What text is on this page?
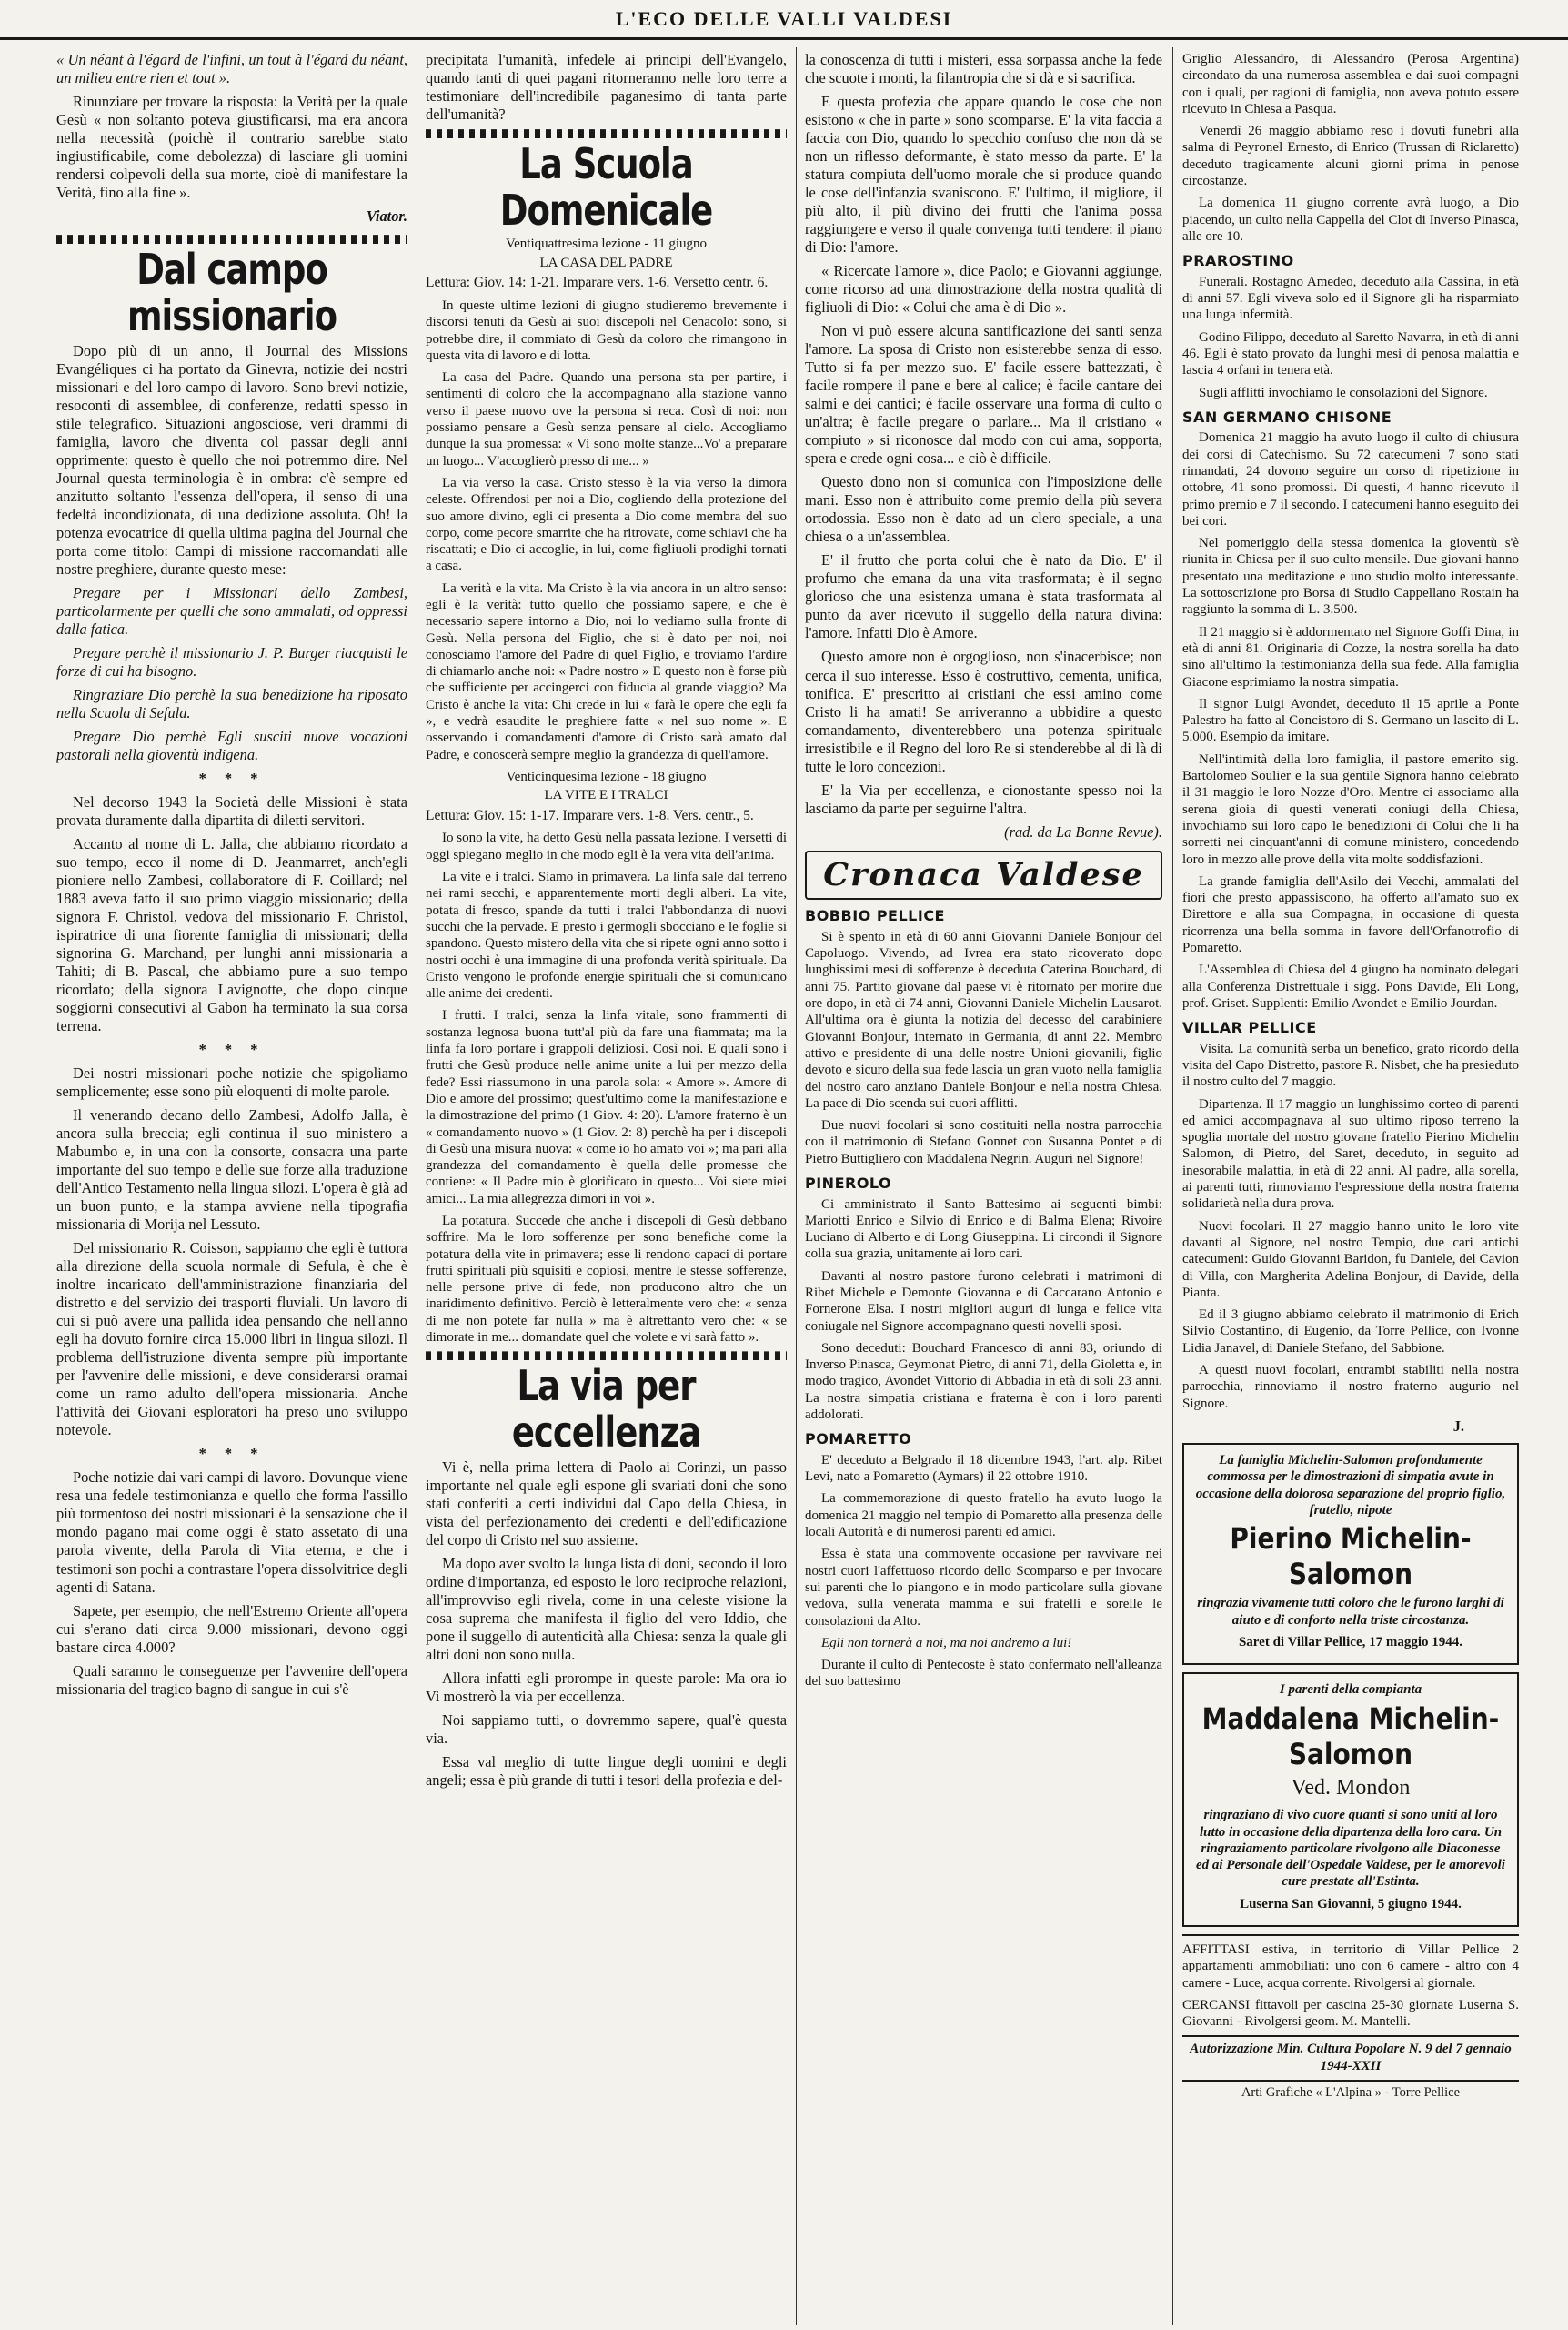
L'ECO DELLE VALLI VALDESI

« Un néant à l'égard de l'infini, un tout à l'égard du néant, un milieu entre rien et tout ».

Rinunziare per trovare la risposta: la Verità per la quale Gesù « non soltanto poteva giustificarsi, ma era ancora nella necessità (poichè il contrario sarebbe stato ingiustificabile, come debolezza) di lasciare gli uomini rendersi colpevoli della sua morte, cioè di manifestare la Verità, fino alla fine ».

Viator.

Dal campo missionario

Dopo più di un anno, il Journal des Missions Evangéliques ci ha portato da Ginevra, notizie dei nostri missionari e del loro campo di lavoro. Sono brevi notizie, resoconti di assemblee, di conferenze, redatti spesso in stile telegrafico. Situazioni angosciose, veri drammi di famiglia, lavoro che diventa col passar degli anni opprimente: questo è quello che noi potremmo dire. Nel Journal questa terminologia è in ombra: c'è sempre ed anzitutto soltanto l'essenza dell'opera, il senso di una fedeltà incondizionata, di una dedizione assoluta. Oh! la potenza evocatrice di quella ultima pagina del Journal che porta come titolo: Campi di missione raccomandati alle nostre preghiere, durante questo mese:

Pregare per i Missionari dello Zambesi, particolarmente per quelli che sono ammalati, od oppressi dalla fatica.

Pregare perchè il missionario J. P. Burger riacquisti le forze di cui ha bisogno.

Ringraziare Dio perchè la sua benedizione ha riposato nella Scuola di Sefula.

Pregare Dio perchè Egli susciti nuove vocazioni pastorali nella gioventù indigena.

* * *

Nel decorso 1943 la Società delle Missioni è stata provata duramente dalla dipartita di diletti servitori.

Accanto al nome di L. Jalla, che abbiamo ricordato a suo tempo, ecco il nome di D. Jeanmarret, anch'egli pioniere nello Zambesi, collaboratore di F. Coillard; nel 1883 aveva fatto il suo primo viaggio missionario; della signora F. Christol, vedova del missionario F. Christol, ispiratrice di una fiorente famiglia di missionari; della signorina G. Marchand, per lunghi anni missionaria a Tahiti; di B. Pascal, che abbiamo pure a suo tempo ricordato; della signora Lavignotte, che dopo cinque soggiorni consecutivi al Gabon ha terminato la sua corsa terrena.

* * *

Dei nostri missionari poche notizie che spigoliamo semplicemente; esse sono più eloquenti di molte parole.

Il venerando decano dello Zambesi, Adolfo Jalla, è ancora sulla breccia; egli continua il suo ministero a Mabumbo e, in una con la consorte, consacra una parte importante del suo tempo e delle sue forze alla traduzione dell'Antico Testamento nella lingua silozi. L'opera è già ad un buon punto, e la stampa avviene nella tipografia missionaria di Morija nel Lessuto.

Del missionario R. Coisson, sappiamo che egli è tuttora alla direzione della scuola normale di Sefula, è che è inoltre incaricato dell'amministrazione finanziaria del distretto e del servizio dei trasporti fluviali. Un lavoro di cui si può avere una pallida idea pensando che nell'anno egli ha dovuto fornire circa 15.000 libri in lingua silozi. Il problema dell'istruzione diventa sempre più importante per l'avvenire delle missioni, e deve considerarsi oramai come un ramo adulto dell'opera missionaria. Anche l'attività dei Giovani esploratori ha preso uno sviluppo notevole.

* * *

Poche notizie dai vari campi di lavoro. Dovunque viene resa una fedele testimonianza e quello che forma l'assillo più tormentoso dei nostri missionari è la sensazione che il mondo pagano mai come oggi è stato assetato di una parola vivente, della Parola di Vita eterna, e che i testimoni son pochi a contrastare l'opera dissolvitrice degli agenti di Satana.

Sapete, per esempio, che nell'Estremo Oriente all'opera cui s'erano dati circa 9.000 missionari, devono oggi bastare circa 4.000?

Quali saranno le conseguenze per l'avvenire dell'opera missionaria del tragico bagno di sangue in cui s'è

precipitata l'umanità, infedele ai principi dell'Evangelo, quando tanti di quei pagani ritorneranno nelle loro terre a testimoniare dell'incredibile paganesimo di tanta parte dell'umanità?

La Scuola Domenicale

Ventiquattresima lezione - 11 giugno

LA CASA DEL PADRE

Lettura: Giov. 14: 1-21. Imparare vers. 1-6. Versetto centr. 6.

In queste ultime lezioni di giugno studieremo brevemente i discorsi tenuti da Gesù ai suoi discepoli nel Cenacolo: sono, si potrebbe dire, il commiato di Gesù da coloro che rimangono in questa vita di lavoro e di lotta.

La casa del Padre. Quando una persona sta per partire, i sentimenti di coloro che la accompagnano alla stazione vanno verso il paese nuovo ove la persona si reca. Così di noi: non possiamo pensare a Gesù senza pensare al cielo. Accogliamo dunque la sua promessa: « Vi sono molte stanze...Vo' a preparare un luogo... V'accoglierò presso di me... »

La via verso la casa. Cristo stesso è la via verso la dimora celeste. Offrendosi per noi a Dio, cogliendo della protezione del suo amore divino, egli ci presenta a Dio come membra del suo corpo, come pecore smarrite che ha ritrovate, come schiavi che ha riscattati; e Dio ci accoglie, in lui, come figliuoli prodighi tornati a casa.

La verità e la vita. Ma Cristo è la via ancora in un altro senso: egli è la verità: tutto quello che possiamo sapere, e che è necessario sapere intorno a Dio, noi lo vediamo sulla fronte di Gesù. Nella persona del Figlio, che si è dato per noi, noi conosciamo l'amore del Padre di quel Figlio, e troviamo l'ardire di chiamarlo anche noi: « Padre nostro » E questo non è forse più che sufficiente per accingerci con fiducia al grande viaggio? Ma Cristo è anche la vita: Chi crede in lui « farà le opere che egli fa », e vedrà esaudite le preghiere fatte « nel suo nome ». E osservando i comandamenti d'amore di Cristo sarà amato dal Padre, e conoscerà sempre meglio la grandezza di quell'amore.

Venticinquesima lezione - 18 giugno

LA VITE E I TRALCI

Lettura: Giov. 15: 1-17. Imparare vers. 1-8. Vers. centr., 5.

Io sono la vite, ha detto Gesù nella passata lezione. I versetti di oggi spiegano meglio in che modo egli è la vera vita dell'anima.

La vite e i tralci. Siamo in primavera. La linfa sale dal terreno nei rami secchi, e apparentemente morti degli alberi. La vite, potata di fresco, spande da tutti i tralci l'abbondanza di nuovi succhi che la pervade. E presto i germogli sbocciano e le foglie si spandono. Questo mistero della vita che si ripete ogni anno sotto i nostri occhi è una immagine di una profonda verità spirituale. Da Cristo vengono le profonde energie spirituali che si comunicano alle anime dei credenti.

I frutti. I tralci, senza la linfa vitale, sono frammenti di sostanza legnosa buona tutt'al più da fare una fiammata; ma la linfa fa loro portare i grappoli deliziosi. Così noi. E quali sono i frutti che Gesù produce nelle anime unite a lui per mezzo della fede? Essi riassumono in una parola sola: « Amore ». Amore di Dio e amore del prossimo; quest'ultimo come la manifestazione e la dimostrazione del primo (1 Giov. 4: 20). L'amore fraterno è un « comandamento nuovo » (1 Giov. 2: 8) perchè ha per i discepoli di Gesù una misura nuova: « come io ho amato voi »; ma pari alla grandezza del comandamento è quella delle promesse che contiene: « Il Padre mio è glorificato in questo... Voi siete miei amici... La mia allegrezza dimori in voi ».

La potatura. Succede che anche i discepoli di Gesù debbano soffrire. Ma le loro sofferenze per sono benefiche come la potatura della vite in primavera; esse li rendono capaci di portare frutti spirituali più squisiti e copiosi, mentre le stesse sofferenze, nelle persone prive di fede, non producono altro che un inaridimento definitivo. Perciò è letteralmente vero che: « senza di me non potete far nulla » ma è altrettanto vero che: « se dimorate in me... domandate quel che volete e vi sarà fatto ».

La via per eccellenza

Vi è, nella prima lettera di Paolo ai Corinzi, un passo importante nel quale egli espone gli svariati doni che sono stati conferiti a certi individui dal Capo della Chiesa, in vista del perfezionamento dei credenti e dell'edificazione del corpo di Cristo nel suo assieme.

Ma dopo aver svolto la lunga lista di doni, secondo il loro ordine d'importanza, ed esposto le loro reciproche relazioni, all'improvviso egli rivela, come in una celeste visione la cosa suprema che manifesta il figlio del vero Iddio, che pone il suggello di autenticità alla Chiesa: senza la quale gli altri doni non sono nulla.

Allora infatti egli prorompe in queste parole: Ma ora io Vi mostrerò la via per eccellenza.

Noi sappiamo tutti, o dovremmo sapere, qual'è questa via.

Essa val meglio di tutte lingue degli uomini e degli angeli; essa è più grande di tutti i tesori della profezia e del-

la conoscenza di tutti i misteri, essa sorpassa anche la fede che scuote i monti, la filantropia che si dà e si sacrifica.

E questa profezia che appare quando le cose che non esistono « che in parte » sono scomparse. E' la vita faccia a faccia con Dio, quando lo specchio confuso che non dà se non un riflesso deformante, è stato messo da parte. E' la statura compiuta dell'uomo morale che si produce quando le cose dell'infanzia svaniscono. E' l'ultimo, il migliore, il più alto, il più divino dei frutti che l'anima possa raggiungere e verso il quale convenga tutti tendere: il piano di Dio: l'amore.

« Ricercate l'amore », dice Paolo; e Giovanni aggiunge, come ricorso ad una dimostrazione della nostra qualità di figliuoli di Dio: « Colui che ama è di Dio ».

Non vi può essere alcuna santificazione dei santi senza l'amore. La sposa di Cristo non esisterebbe senza di esso. Tutto si fa per mezzo suo. E' facile essere battezzati, è facile rompere il pane e bere al calice; è facile cantare dei salmi e dei cantici; è facile osservare una forma di culto o un'altra; è facile pregare o parlare... Ma il cristiano « compiuto » si riconosce dal modo con cui ama, sopporta, spera e crede ogni cosa... e ciò è difficile.

Questo dono non si comunica con l'imposizione delle mani. Esso non è attribuito come premio della più severa ortodossia. Esso non è dato ad un clero speciale, a una chiesa o a un'assemblea.

E' il frutto che porta colui che è nato da Dio. E' il profumo che emana da una vita trasformata; è il segno glorioso che una esistenza umana è stata trasformata al punto da aver ricevuto il suggello della natura divina: l'amore. Infatti Dio è Amore.

Questo amore non è orgoglioso, non s'inacerbisce; non cerca il suo interesse. Esso è costruttivo, cementa, unifica, tonifica. E' prescritto ai cristiani che essi amino come Cristo li ha amati! Se arriveranno a ubbidire a questo comandamento, diventerebbero una potenza spirituale irresistibile e il Regno del loro Re si stenderebbe al di là di tutte le loro concezioni.

E' la Via per eccellenza, e cionostante spesso noi la lasciamo da parte per seguirne l'altra.

(rad. da La Bonne Revue).

Cronaca Valdese

BOBBIO PELLICE

Si è spento in età di 60 anni Giovanni Daniele Bonjour del Capoluogo. Vivendo, ad Ivrea era stato ricoverato dopo lunghissimi mesi di sofferenze è deceduta Caterina Bouchard, di anni 75. Partito giovane dal paese vi è ritornato per morire due ore dopo, in età di 74 anni, Giovanni Daniele Michelin Lausarot. All'ultima ora è giunta la notizia del decesso del carabiniere Giovanni Bonjour, internato in Germania, di anni 22. Membro attivo e presidente di una delle nostre Unioni giovanili, figlio devoto e sicuro della sua fede lascia un gran vuoto nella famiglia del nostro caro anziano Daniele Bonjour e nella nostra Chiesa. La pace di Dio scenda sui cuori afflitti.

Due nuovi focolari si sono costituiti nella nostra parrocchia con il matrimonio di Stefano Gonnet con Susanna Pontet e di Pietro Buttigliero con Maddalena Negrin. Auguri nel Signore!

PINEROLO

Ci amministrato il Santo Battesimo ai seguenti bimbi: Mariotti Enrico e Silvio di Enrico e di Balma Elena; Rivoire Luciano di Alberto e di Long Giuseppina. Li circondi il Signore colla sua grazia, unitamente ai loro cari.

Davanti al nostro pastore furono celebrati i matrimoni di Ribet Michele e Demonte Giovanna e di Caccarano Antonio e Fornerone Elsa. I nostri migliori auguri di lunga e felice vita coniugale nel Signore accompagnano questi novelli sposi.

Sono deceduti: Bouchard Francesco di anni 83, oriundo di Inverso Pinasca, Geymonat Pietro, di anni 71, della Gioletta e, in modo tragico, Avondet Vittorio di Abbadia in età di soli 23 anni. La nostra simpatia cristiana e fraterna è con i loro parenti addolorati.

POMARETTO

E' deceduto a Belgrado il 18 dicembre 1943, l'art. alp. Ribet Levi, nato a Pomaretto (Aymars) il 22 ottobre 1910.

La commemorazione di questo fratello ha avuto luogo la domenica 21 maggio nel tempio di Pomaretto alla presenza delle locali Autorità e di numerosi parenti ed amici.

Essa è stata una commovente occasione per ravvivare nei nostri cuori l'affettuoso ricordo dello Scomparso e per invocare sui parenti che lo piangono e in modo particolare sulla giovane vedova, sulla venerata mamma e sui fratelli e sorelle le consolazioni da Alto.

Egli non tornerà a noi, ma noi andremo a lui!

Durante il culto di Pentecoste è stato confermato nell'alleanza del suo battesimo

Griglio Alessandro, di Alessandro (Perosa Argentina) circondato da una numerosa assemblea e dai suoi compagni con i quali, per ragioni di famiglia, non aveva potuto essere ricevuto in Chiesa a Pasqua.

Venerdì 26 maggio abbiamo reso i dovuti funebri alla salma di Peyronel Ernesto, di Enrico (Trussan di Riclaretto) deceduto tragicamente alcuni giorni prima in penose circostanze.

La domenica 11 giugno corrente avrà luogo, a Dio piacendo, un culto nella Cappella del Clot di Inverso Pinasca, alle ore 10.

PRAROSTINO

Funerali. Rostagno Amedeo, deceduto alla Cassina, in età di anni 57. Egli viveva solo ed il Signore gli ha risparmiato una lunga infermità.

Godino Filippo, deceduto al Saretto Navarra, in età di anni 46. Egli è stato provato da lunghi mesi di penosa malattia e lascia 4 orfani in tenera età.

Sugli afflitti invochiamo le consolazioni del Signore.

SAN GERMANO CHISONE

Domenica 21 maggio ha avuto luogo il culto di chiusura dei corsi di Catechismo. Su 72 catecumeni 7 sono stati rimandati, 24 dovono seguire un corso di ripetizione in ottobre, 41 sono promossi. Di questi, 4 hanno ricevuto il primo premio e 7 il secondo. I catecumeni hanno eseguito dei bei cori.

Nel pomeriggio della stessa domenica la gioventù s'è riunita in Chiesa per il suo culto mensile. Due giovani hanno presentato una meditazione e uno studio molto interessante. La sottoscrizione pro Borsa di Studio Cappellano Rostain ha raggiunto la somma di L. 3.500.

Il 21 maggio si è addormentato nel Signore Goffi Dina, in età di anni 81. Originaria di Cozze, la nostra sorella ha dato sino all'ultimo la testimonianza della sua fede. Alla famiglia Giacone esprimiamo la nostra simpatia.

Il signor Luigi Avondet, deceduto il 15 aprile a Ponte Palestro ha fatto al Concistoro di S. Germano un lascito di L. 5.000. Esempio da imitare.

Nell'intimità della loro famiglia, il pastore emerito sig. Bartolomeo Soulier e la sua gentile Signora hanno celebrato il 31 maggio le loro Nozze d'Oro. Mentre ci associamo alla serena gioia di questi venerati coniugi della Chiesa, invochiamo sui loro capo le benedizioni di Colui che li ha sorretti nei cinquant'anni di comune ministero, concedendo loro in mezzo alle prove della vita molte soddisfazioni.

La grande famiglia dell'Asilo dei Vecchi, ammalati del fiori che presto appassiscono, ha offerto all'amato suo ex Direttore e alla sua Compagna, in occasione di questa ricorrenza una bella somma in favore dell'Orfanotrofio di Pomaretto.

L'Assemblea di Chiesa del 4 giugno ha nominato delegati alla Conferenza Distrettuale i sigg. Pons Davide, Eli Long, prof. Griset. Supplenti: Emilio Avondet e Emilio Jourdan.

VILLAR PELLICE

Visita. La comunità serba un benefico, grato ricordo della visita del Capo Distretto, pastore R. Nisbet, che ha presieduto il nostro culto del 7 maggio.

Dipartenza. Il 17 maggio un lunghissimo corteo di parenti ed amici accompagnava al suo ultimo riposo terreno la spoglia mortale del nostro giovane fratello Pierino Michelin Salomon, di Pietro, del Saret, deceduto, in seguito ad inesorabile malattia, in età di 22 anni. Al padre, alla sorella, ai parenti tutti, rinnoviamo l'espressione della nostra fraterna solidarietà nella dura prova.

Nuovi focolari. Il 27 maggio hanno unito le loro vite davanti al Signore, nel nostro Tempio, due cari antichi catecumeni: Guido Giovanni Baridon, fu Daniele, del Cavion di Villa, con Margherita Adelina Bonjour, di Davide, della Pianta.

Ed il 3 giugno abbiamo celebrato il matrimonio di Erich Silvio Costantino, di Eugenio, da Torre Pellice, con Ivonne Lidia Janavel, di Daniele Stefano, del Sabbione.

A questi nuovi focolari, entrambi stabiliti nella nostra parrocchia, rinnoviamo il nostro fraterno augurio nel Signore.

J.

La famiglia Michelin-Salomon profondamente commossa per le dimostrazioni di simpatia avute in occasione della dolorosa separazione del proprio figlio, fratello, nipote

Pierino Michelin-Salomon

ringrazia vivamente tutti coloro che le furono larghi di aiuto e di conforto nella triste circostanza.

Saret di Villar Pellice, 17 maggio 1944.

I parenti della compianta

Maddalena Michelin-Salomon
Ved. Mondon

ringraziano di vivo cuore quanti si sono uniti al loro lutto in occasione della dipartenza della loro cara. Un ringraziamento particolare rivolgono alle Diaconesse ed ai Personale dell'Ospedale Valdese, per le amorevoli cure prestate all'Estinta.

Luserna San Giovanni, 5 giugno 1944.

AFFITTASI estiva, in territorio di Villar Pellice 2 appartamenti ammobiliati: uno con 6 camere - altro con 4 camere - Luce, acqua corrente. Rivolgersi al giornale.

CERCANSI fittavoli per cascina 25-30 giornate Luserna S. Giovanni - Rivolgersi geom. M. Mantelli.

Autorizzazione Min. Cultura Popolare N. 9 del 7 gennaio 1944-XXII

Arti Grafiche « L'Alpina » - Torre Pellice
